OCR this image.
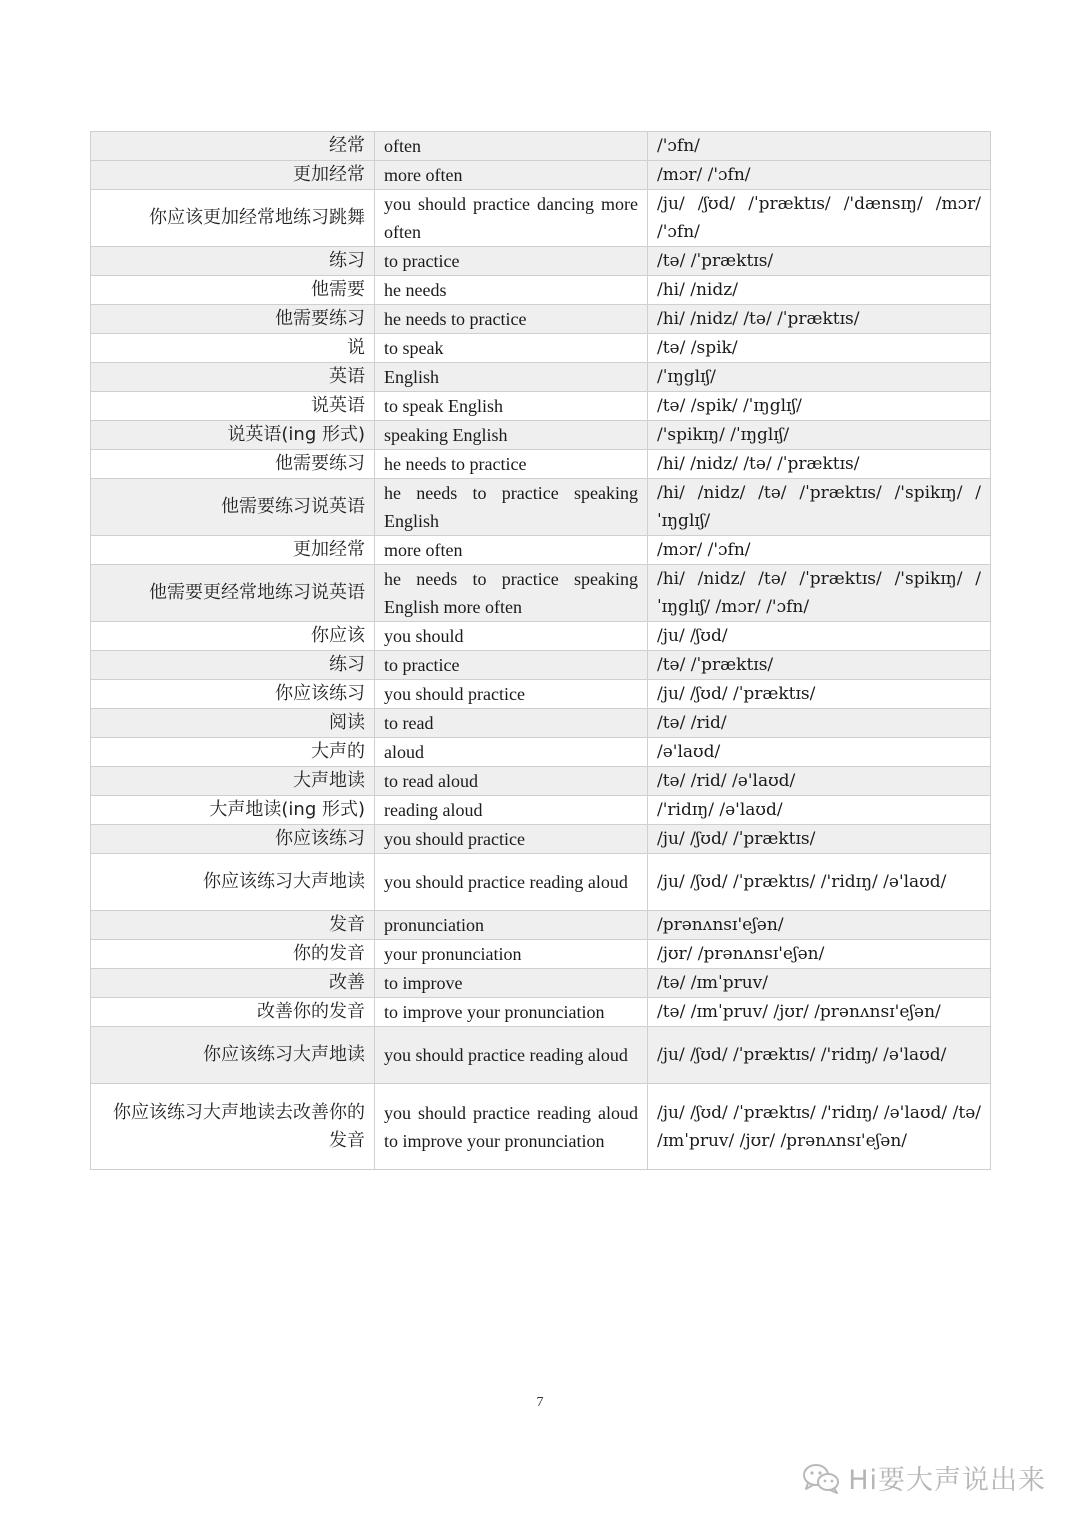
经常	often	/'ɔfn/
更加经常	more often	/mɔr/ /'ɔfn/
你应该更加经常地练习跳舞	you should practice dancing more often	/ju/ /ʃʊd/ /ˈpræktɪs/ /'dænsɪŋ/ /mɔr/ /'ɔfn/
练习	to practice	/tə/ /ˈpræktɪs/
他需要	he needs	/hi/ /nidz/
他需要练习	he needs to practice	/hi/ /nidz/ /tə/ /ˈpræktɪs/
说	to speak	/tə/ /spik/
英语	English	/ˈɪŋglɪʃ/
说英语	to speak English	/tə/ /spik/ /ˈɪŋglɪʃ/
说英语(ing 形式)	speaking English	/'spikɪŋ/ /ˈɪŋglɪʃ/
他需要练习	he needs to practice	/hi/ /nidz/ /tə/ /ˈpræktɪs/
他需要练习说英语	he needs to practice speaking English	/hi/ /nidz/ /tə/ /ˈpræktɪs/ /'spikɪŋ/ /ˈɪŋglɪʃ/
更加经常	more often	/mɔr/ /'ɔfn/
他需要更经常地练习说英语	he needs to practice speaking English more often	/hi/ /nidz/ /tə/ /ˈpræktɪs/ /'spikɪŋ/ /ˈɪŋglɪʃ/ /mɔr/ /'ɔfn/
你应该	you should	/ju/ /ʃʊd/
练习	to practice	/tə/ /ˈpræktɪs/
你应该练习	you should practice	/ju/ /ʃʊd/ /ˈpræktɪs/
阅读	to read	/tə/ /rid/
大声的	aloud	/ə'laʊd/
大声地读	to read aloud	/tə/ /rid/ /ə'laʊd/
大声地读(ing 形式)	reading aloud	/'ridɪŋ/ /ə'laʊd/
你应该练习	you should practice	/ju/ /ʃʊd/ /ˈpræktɪs/
你应该练习大声地读	you should practice reading aloud	/ju/ /ʃʊd/ /ˈpræktɪs/ /'ridɪŋ/ /ə'laʊd/
发音	pronunciation	/prənʌnsɪ'eʃən/
你的发音	your pronunciation	/jʊr/ /prənʌnsɪ'eʃən/
改善	to improve	/tə/ /ɪmˈpruv/
改善你的发音	to improve your pronunciation	/tə/ /ɪmˈpruv/ /jʊr/ /prənʌnsɪ'eʃən/
你应该练习大声地读	you should practice reading aloud	/ju/ /ʃʊd/ /ˈpræktɪs/ /'ridɪŋ/ /ə'laʊd/
你应该练习大声地读去改善你的发音	you should practice reading aloud to improve your pronunciation	/ju/ /ʃʊd/ /ˈpræktɪs/ /'ridɪŋ/ /ə'laʊd/ /tə/ /ɪmˈpruv/ /jʊr/ /prənʌnsɪ'eʃən/
7
Hi要大声说出来
